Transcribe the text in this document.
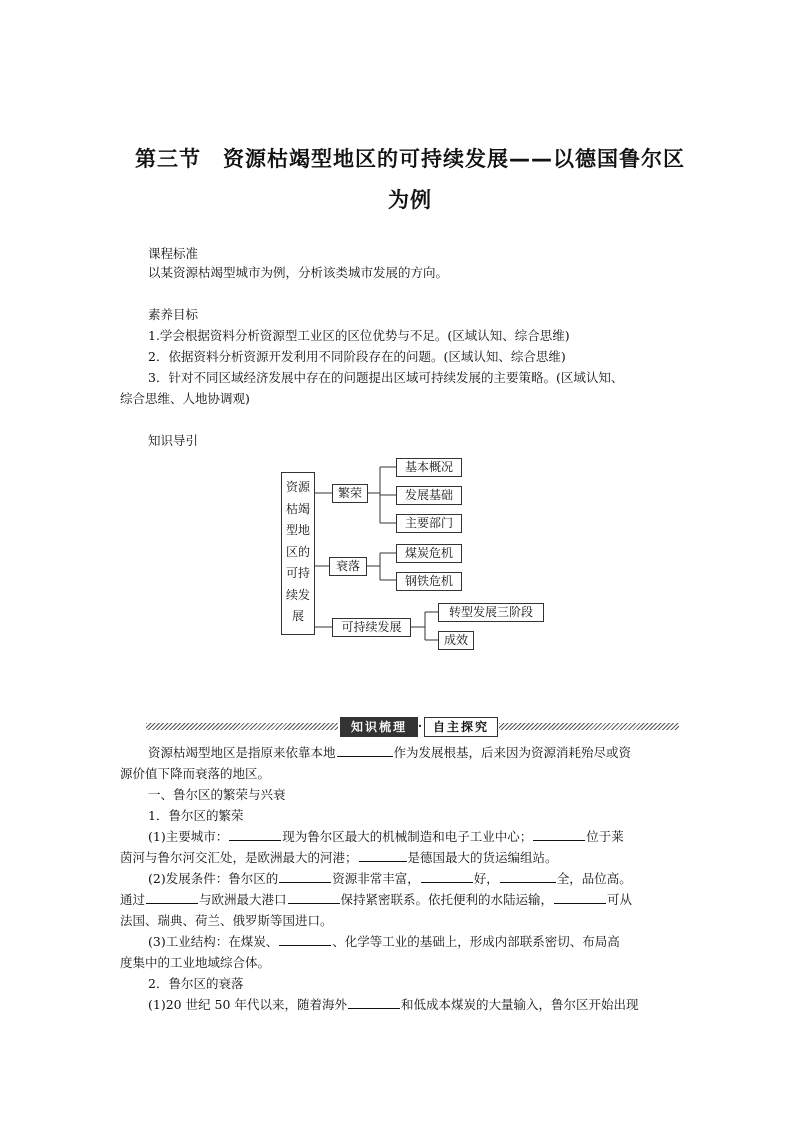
第三节　资源枯竭型地区的可持续发展——以德国鲁尔区
为例
课程标准
以某资源枯竭型城市为例，分析该类城市发展的方向。
素养目标
1.学会根据资料分析资源型工业区的区位优势与不足。(区域认知、综合思维)
2．依据资料分析资源开发利用不同阶段存在的问题。(区域认知、综合思维)
3．针对不同区域经济发展中存在的问题提出区域可持续发展的主要策略。(区域认知、
综合思维、人地协调观)
知识导引
资源枯竭型地区的可持续发展
繁荣
衰落
可持续发展
基本概况
发展基础
主要部门
煤炭危机
钢铁危机
转型发展三阶段
成效
知识梳理 · 自主探究
资源枯竭型地区是指原来依靠本地	作为发展根基，后来因为资源消耗殆尽或资
源价值下降而衰落的地区。
一、鲁尔区的繁荣与兴衰
1．鲁尔区的繁荣
(1)主要城市：	现为鲁尔区最大的机械制造和电子工业中心；	位于莱
茵河与鲁尔河交汇处，是欧洲最大的河港；	是德国最大的货运编组站。
(2)发展条件：鲁尔区的	资源非常丰富，	好，	全，品位高。
通过	与欧洲最大港口	保持紧密联系。依托便利的水陆运输，	可从
法国、瑞典、荷兰、俄罗斯等国进口。
(3)工业结构：在煤炭、	、化学等工业的基础上，形成内部联系密切、布局高
度集中的工业地域综合体。
2．鲁尔区的衰落
(1)20 世纪 50 年代以来，随着海外	和低成本煤炭的大量输入，鲁尔区开始出现
